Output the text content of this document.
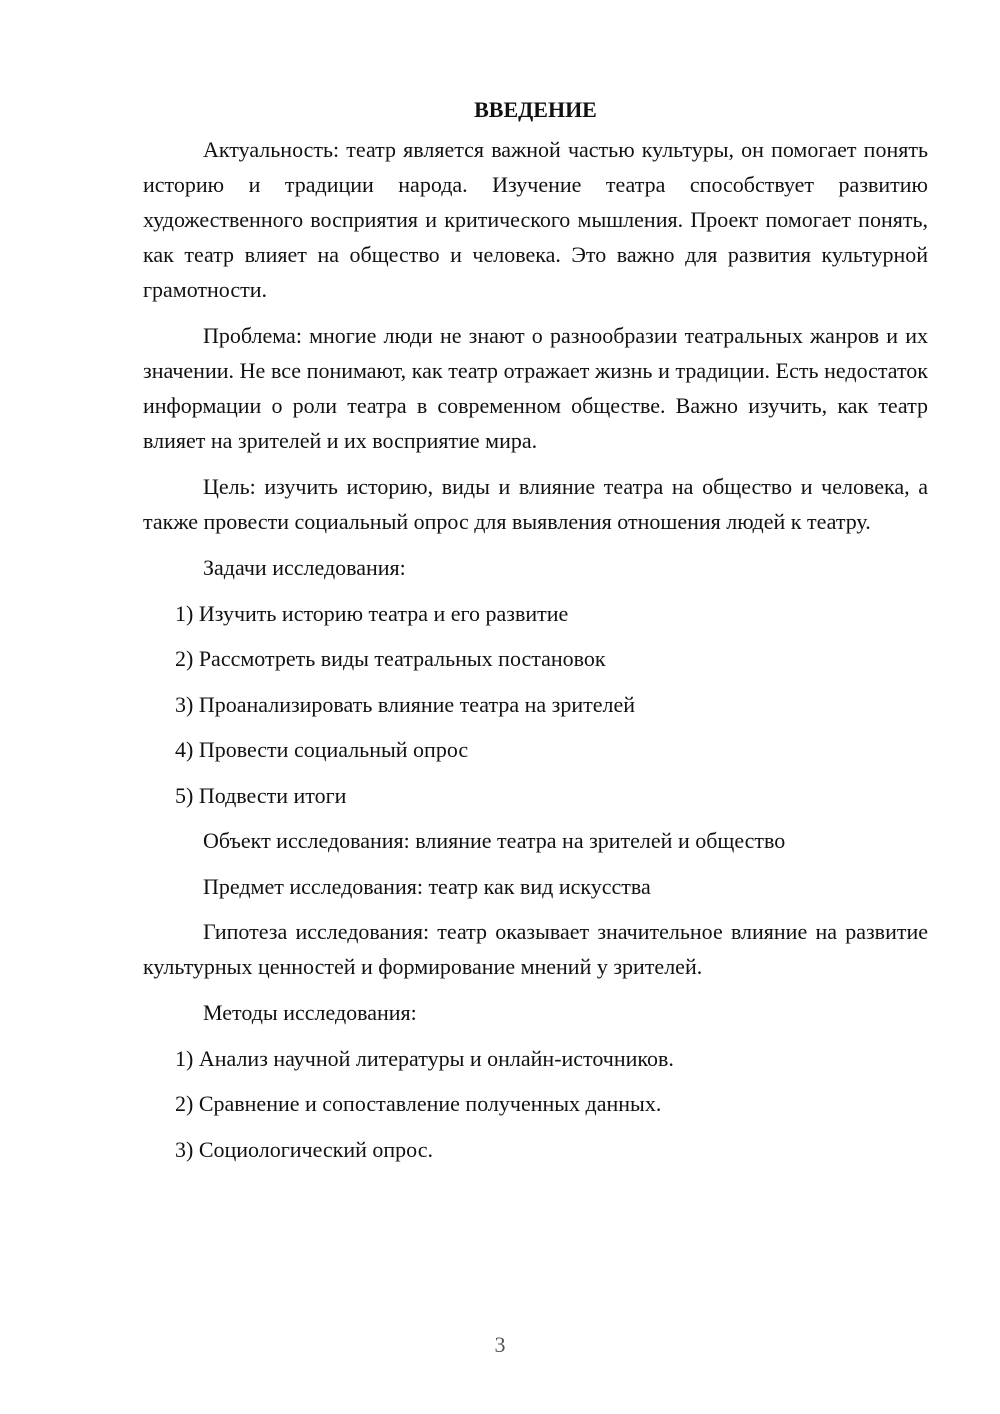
ВВЕДЕНИЕ

Актуальность: театр является важной частью культуры, он помогает понять историю и традиции народа. Изучение театра способствует развитию художественного восприятия и критического мышления. Проект помогает понять, как театр влияет на общество и человека. Это важно для развития культурной грамотности.

Проблема: многие люди не знают о разнообразии театральных жанров и их значении. Не все понимают, как театр отражает жизнь и традиции. Есть недостаток информации о роли театра в современном обществе. Важно изучить, как театр влияет на зрителей и их восприятие мира.

Цель: изучить историю, виды и влияние театра на общество и человека, а также провести социальный опрос для выявления отношения людей к театру.

Задачи исследования:

1) Изучить историю театра и его развитие
2) Рассмотреть виды театральных постановок
3) Проанализировать влияние театра на зрителей
4) Провести социальный опрос
5) Подвести итоги

Объект исследования: влияние театра на зрителей и общество

Предмет исследования: театр как вид искусства

Гипотеза исследования: театр оказывает значительное влияние на развитие культурных ценностей и формирование мнений у зрителей.

Методы исследования:

1) Анализ научной литературы и онлайн-источников.
2) Сравнение и сопоставление полученных данных.
3) Социологический опрос.
3
